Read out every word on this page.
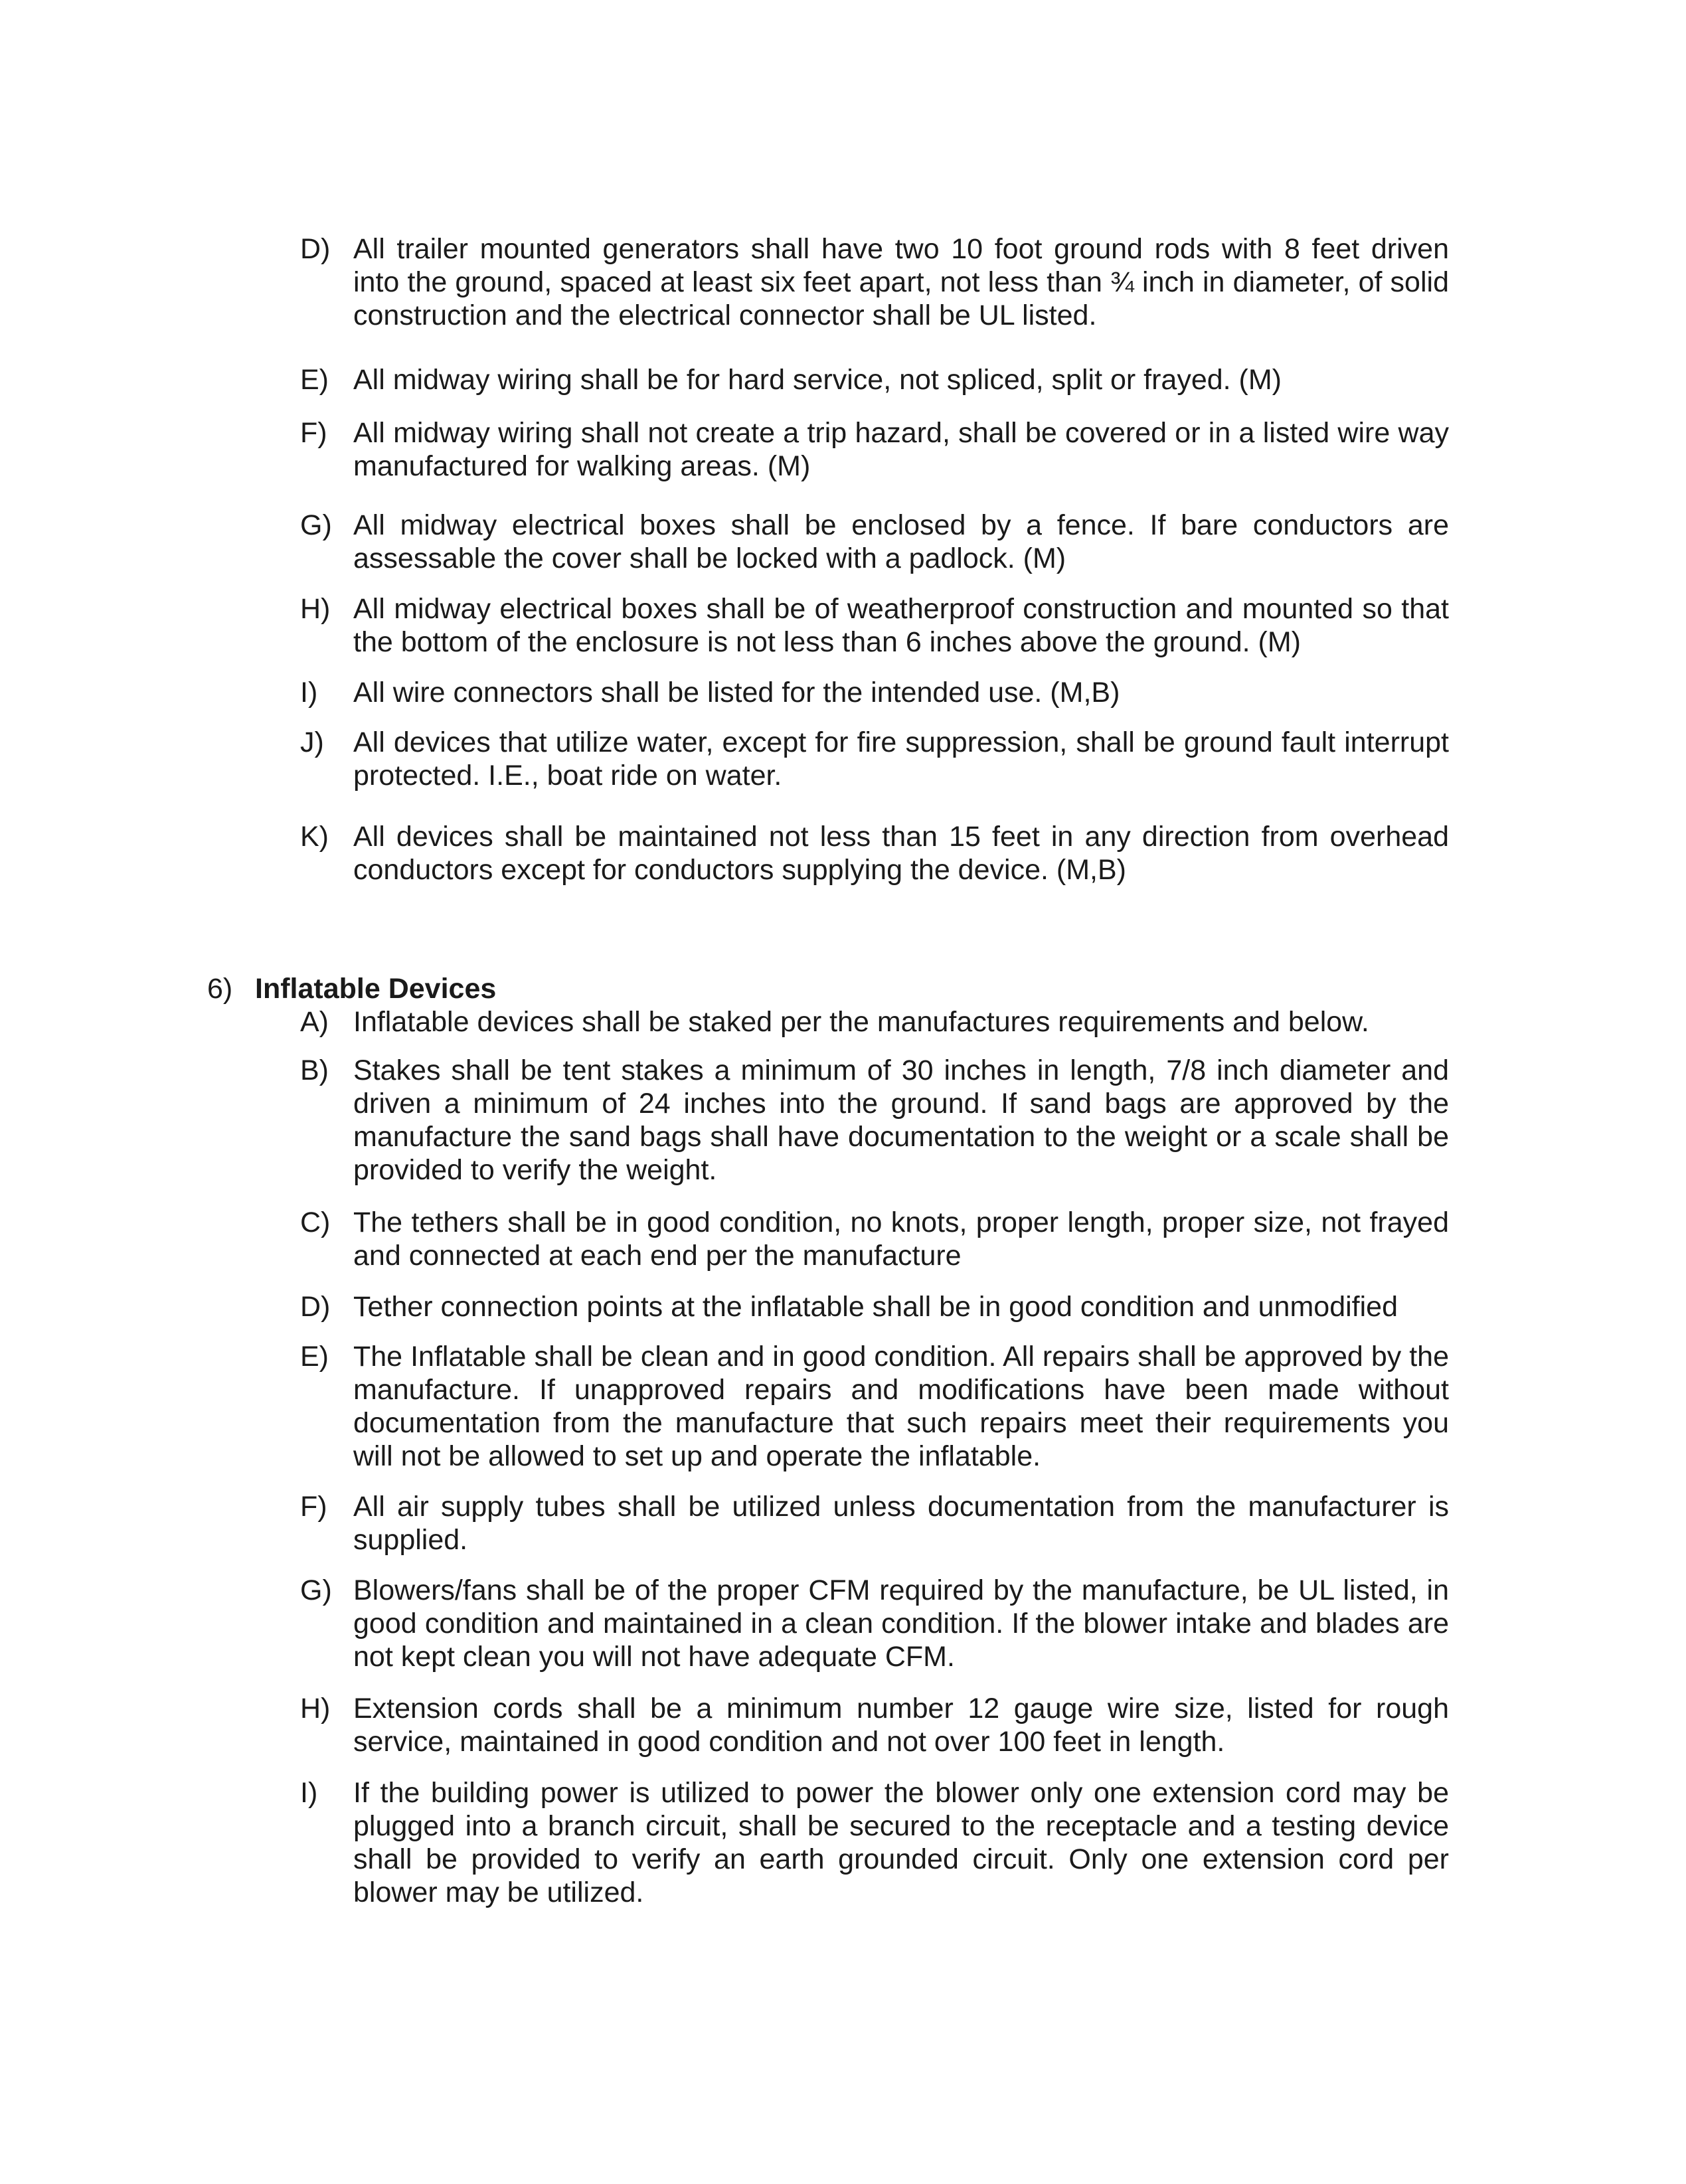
D) All trailer mounted generators shall have two 10 foot ground rods with 8 feet driven into the ground, spaced at least six feet apart, not less than ¾ inch in diameter, of solid construction and the electrical connector shall be UL listed.
E) All midway wiring shall be for hard service, not spliced, split or frayed. (M)
F) All midway wiring shall not create a trip hazard, shall be covered or in a listed wire way manufactured for walking areas. (M)
G) All midway electrical boxes shall be enclosed by a fence. If bare conductors are assessable the cover shall be locked with a padlock. (M)
H) All midway electrical boxes shall be of weatherproof construction and mounted so that the bottom of the enclosure is not less than 6 inches above the ground. (M)
I) All wire connectors shall be listed for the intended use. (M,B)
J) All devices that utilize water, except for fire suppression, shall be ground fault interrupt protected. I.E., boat ride on water.
K) All devices shall be maintained not less than 15 feet in any direction from overhead conductors except for conductors supplying the device. (M,B)
6) Inflatable Devices
A) Inflatable devices shall be staked per the manufactures requirements and below.
B) Stakes shall be tent stakes a minimum of 30 inches in length, 7/8 inch diameter and driven a minimum of 24 inches into the ground. If sand bags are approved by the manufacture the sand bags shall have documentation to the weight or a scale shall be provided to verify the weight.
C) The tethers shall be in good condition, no knots, proper length, proper size, not frayed and connected at each end per the manufacture
D) Tether connection points at the inflatable shall be in good condition and unmodified
E) The Inflatable shall be clean and in good condition. All repairs shall be approved by the manufacture. If unapproved repairs and modifications have been made without documentation from the manufacture that such repairs meet their requirements you will not be allowed to set up and operate the inflatable.
F) All air supply tubes shall be utilized unless documentation from the manufacturer is supplied.
G) Blowers/fans shall be of the proper CFM required by the manufacture, be UL listed, in good condition and maintained in a clean condition. If the blower intake and blades are not kept clean you will not have adequate CFM.
H) Extension cords shall be a minimum number 12 gauge wire size, listed for rough service, maintained in good condition and not over 100 feet in length.
I) If the building power is utilized to power the blower only one extension cord may be plugged into a branch circuit, shall be secured to the receptacle and a testing device shall be provided to verify an earth grounded circuit. Only one extension cord per blower may be utilized.
